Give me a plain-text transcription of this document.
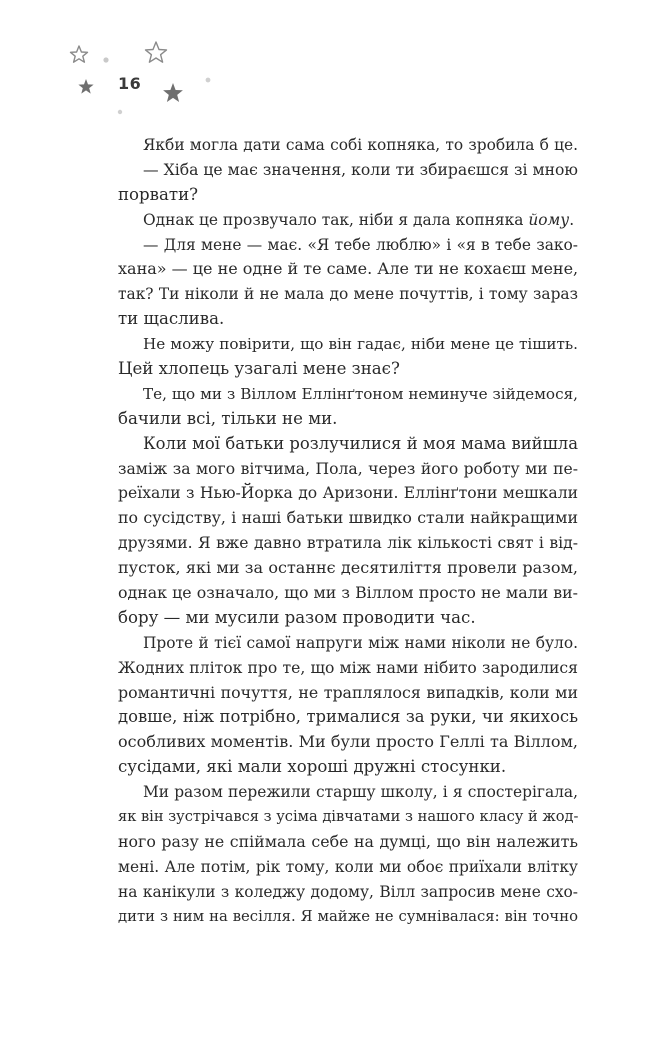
16
Якби могла дати сама собі копняка, то зробила б це.
— Хіба це має значення, коли ти збираєшся зі мною
порвати?
Однак це прозвучало так, ніби я дала копняка йому.
— Для мене — має. «Я тебе люблю» і «я в тебе зако-
хана» — це не одне й те саме. Але ти не кохаєш мене,
так? Ти ніколи й не мала до мене почуттів, і тому зараз
ти щаслива.
Не можу повірити, що він гадає, ніби мене це тішить.
Цей хлопець узагалі мене знає?
Те, що ми з Віллом Еллінґтоном неминуче зійдемося,
бачили всі, тільки не ми.
Коли мої батьки розлучилися й моя мама вийшла
заміж за мого вітчима, Пола, через його роботу ми пе-
реїхали з Нью-Йорка до Аризони. Еллінґтони мешкали
по сусідству, і наші батьки швидко стали найкращими
друзями. Я вже давно втратила лік кількості свят і від-
пусток, які ми за останнє десятиліття провели разом,
однак це означало, що ми з Віллом просто не мали ви-
бору — ми мусили разом проводити час.
Проте й тієї самої напруги між нами ніколи не було.
Жодних пліток про те, що між нами нібито зародилися
романтичні почуття, не траплялося випадків, коли ми
довше, ніж потрібно, трималися за руки, чи якихось
особливих моментів. Ми були просто Геллі та Віллом,
сусідами, які мали хороші дружні стосунки.
Ми разом пережили старшу школу, і я спостерігала,
як він зустрічався з усіма дівчатами з нашого класу й жод-
ного разу не спіймала себе на думці, що він належить
мені. Але потім, рік тому, коли ми обоє приїхали влітку
на канікули з коледжу додому, Вілл запросив мене схо-
дити з ним на весілля. Я майже не сумнівалася: він точно
